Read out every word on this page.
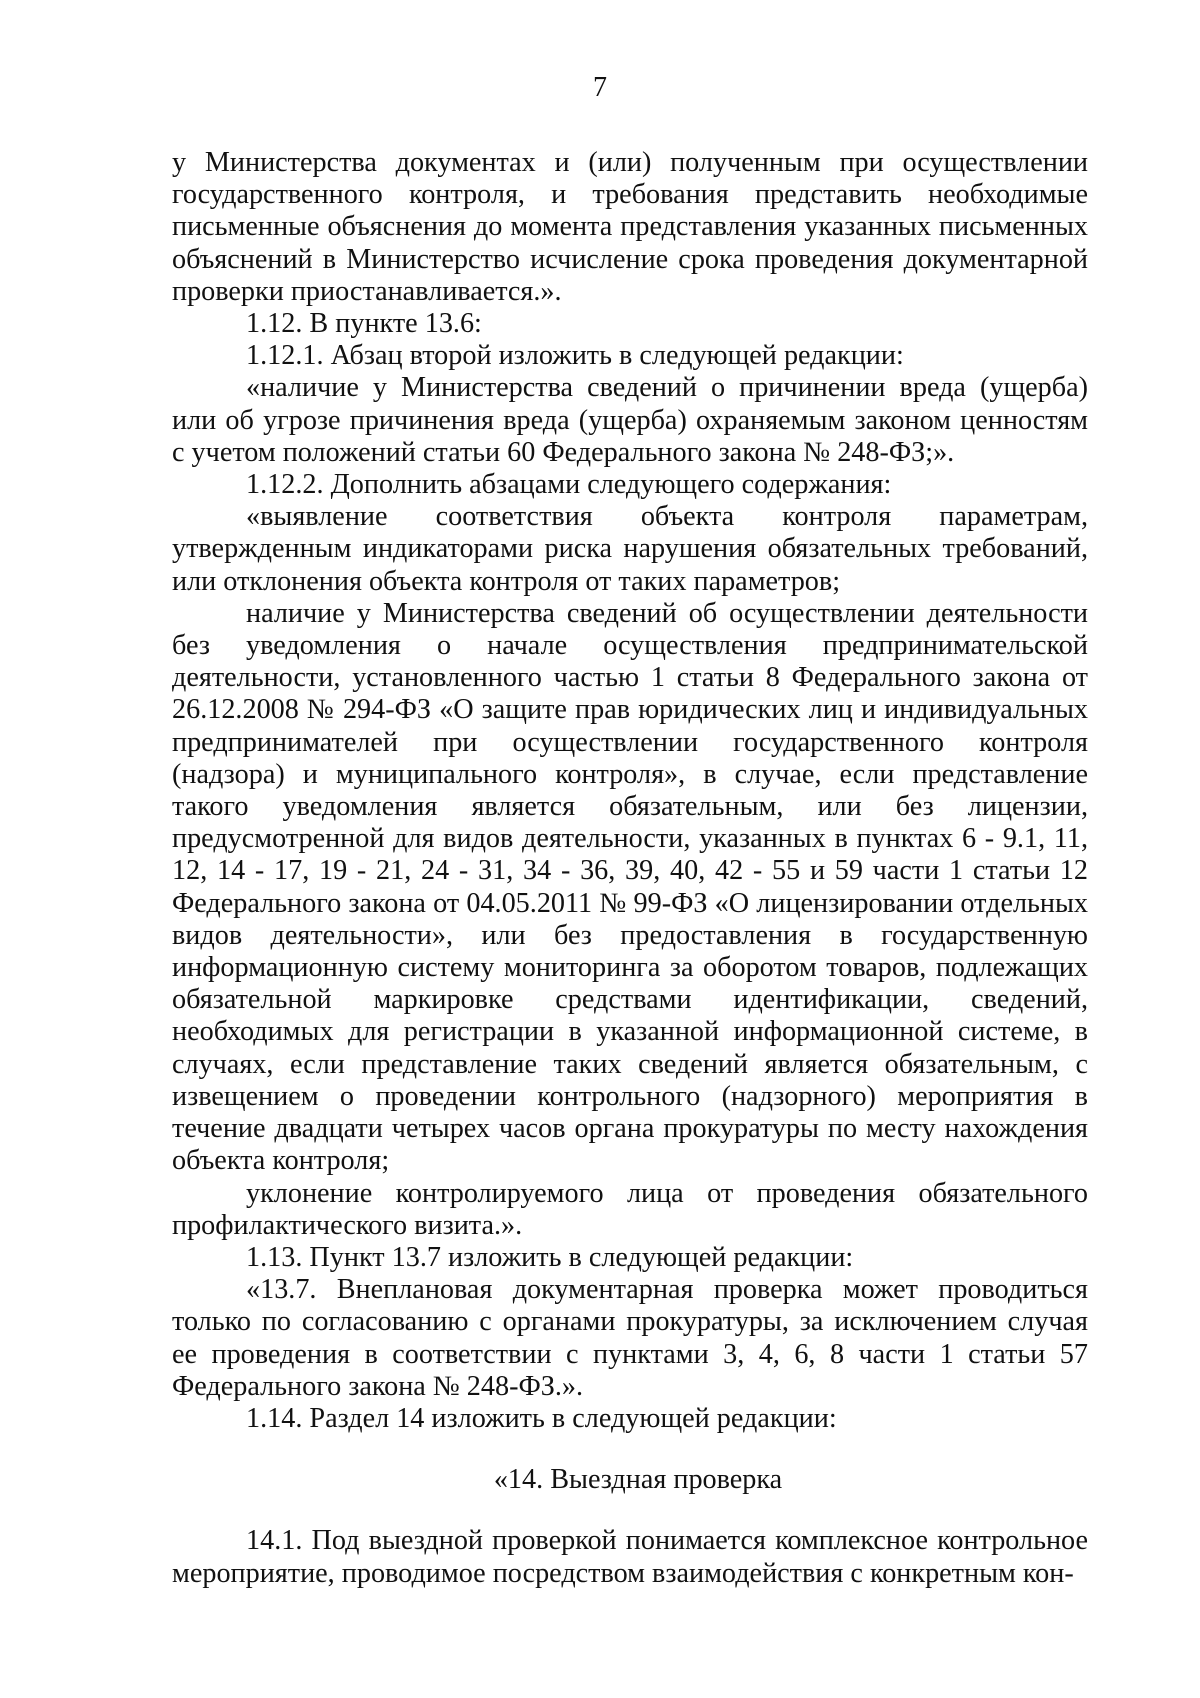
7

у Министерства документах и (или) полученным при осуществлении государственного контроля, и требования представить необходимые письменные объяснения до момента представления указанных письменных объяснений в Министерство исчисление срока проведения документарной проверки приостанавливается.».

1.12. В пункте 13.6:

1.12.1. Абзац второй изложить в следующей редакции:

«наличие у Министерства сведений о причинении вреда (ущерба) или об угрозе причинения вреда (ущерба) охраняемым законом ценностям с учетом положений статьи 60 Федерального закона № 248-ФЗ;».

1.12.2. Дополнить абзацами следующего содержания:

«выявление соответствия объекта контроля параметрам, утвержденным индикаторами риска нарушения обязательных требований, или отклонения объекта контроля от таких параметров;

наличие у Министерства сведений об осуществлении деятельности без уведомления о начале осуществления предпринимательской деятельности, установленного частью 1 статьи 8 Федерального закона от 26.12.2008 № 294-ФЗ «О защите прав юридических лиц и индивидуальных предпринимателей при осуществлении государственного контроля (надзора) и муниципального контроля», в случае, если представление такого уведомления является обязательным, или без лицензии, предусмотренной для видов деятельности, указанных в пунктах 6 - 9.1, 11, 12, 14 - 17, 19 - 21, 24 - 31, 34 - 36, 39, 40, 42 - 55 и 59 части 1 статьи 12 Федерального закона от 04.05.2011 № 99-ФЗ «О лицензировании отдельных видов деятельности», или без предоставления в государственную информационную систему мониторинга за оборотом товаров, подлежащих обязательной маркировке средствами идентификации, сведений, необходимых для регистрации в указанной информационной системе, в случаях, если представление таких сведений является обязательным, с извещением о проведении контрольного (надзорного) мероприятия в течение двадцати четырех часов органа прокуратуры по месту нахождения объекта контроля;

уклонение контролируемого лица от проведения обязательного профилактического визита.».

1.13. Пункт 13.7 изложить в следующей редакции:

«13.7. Внеплановая документарная проверка может проводиться только по согласованию с органами прокуратуры, за исключением случая ее проведения в соответствии с пунктами 3, 4, 6, 8 части 1 статьи 57 Федерального закона № 248-ФЗ.».

1.14. Раздел 14 изложить в следующей редакции:

«14. Выездная проверка

14.1. Под выездной проверкой понимается комплексное контрольное мероприятие, проводимое посредством взаимодействия с конкретным кон-
